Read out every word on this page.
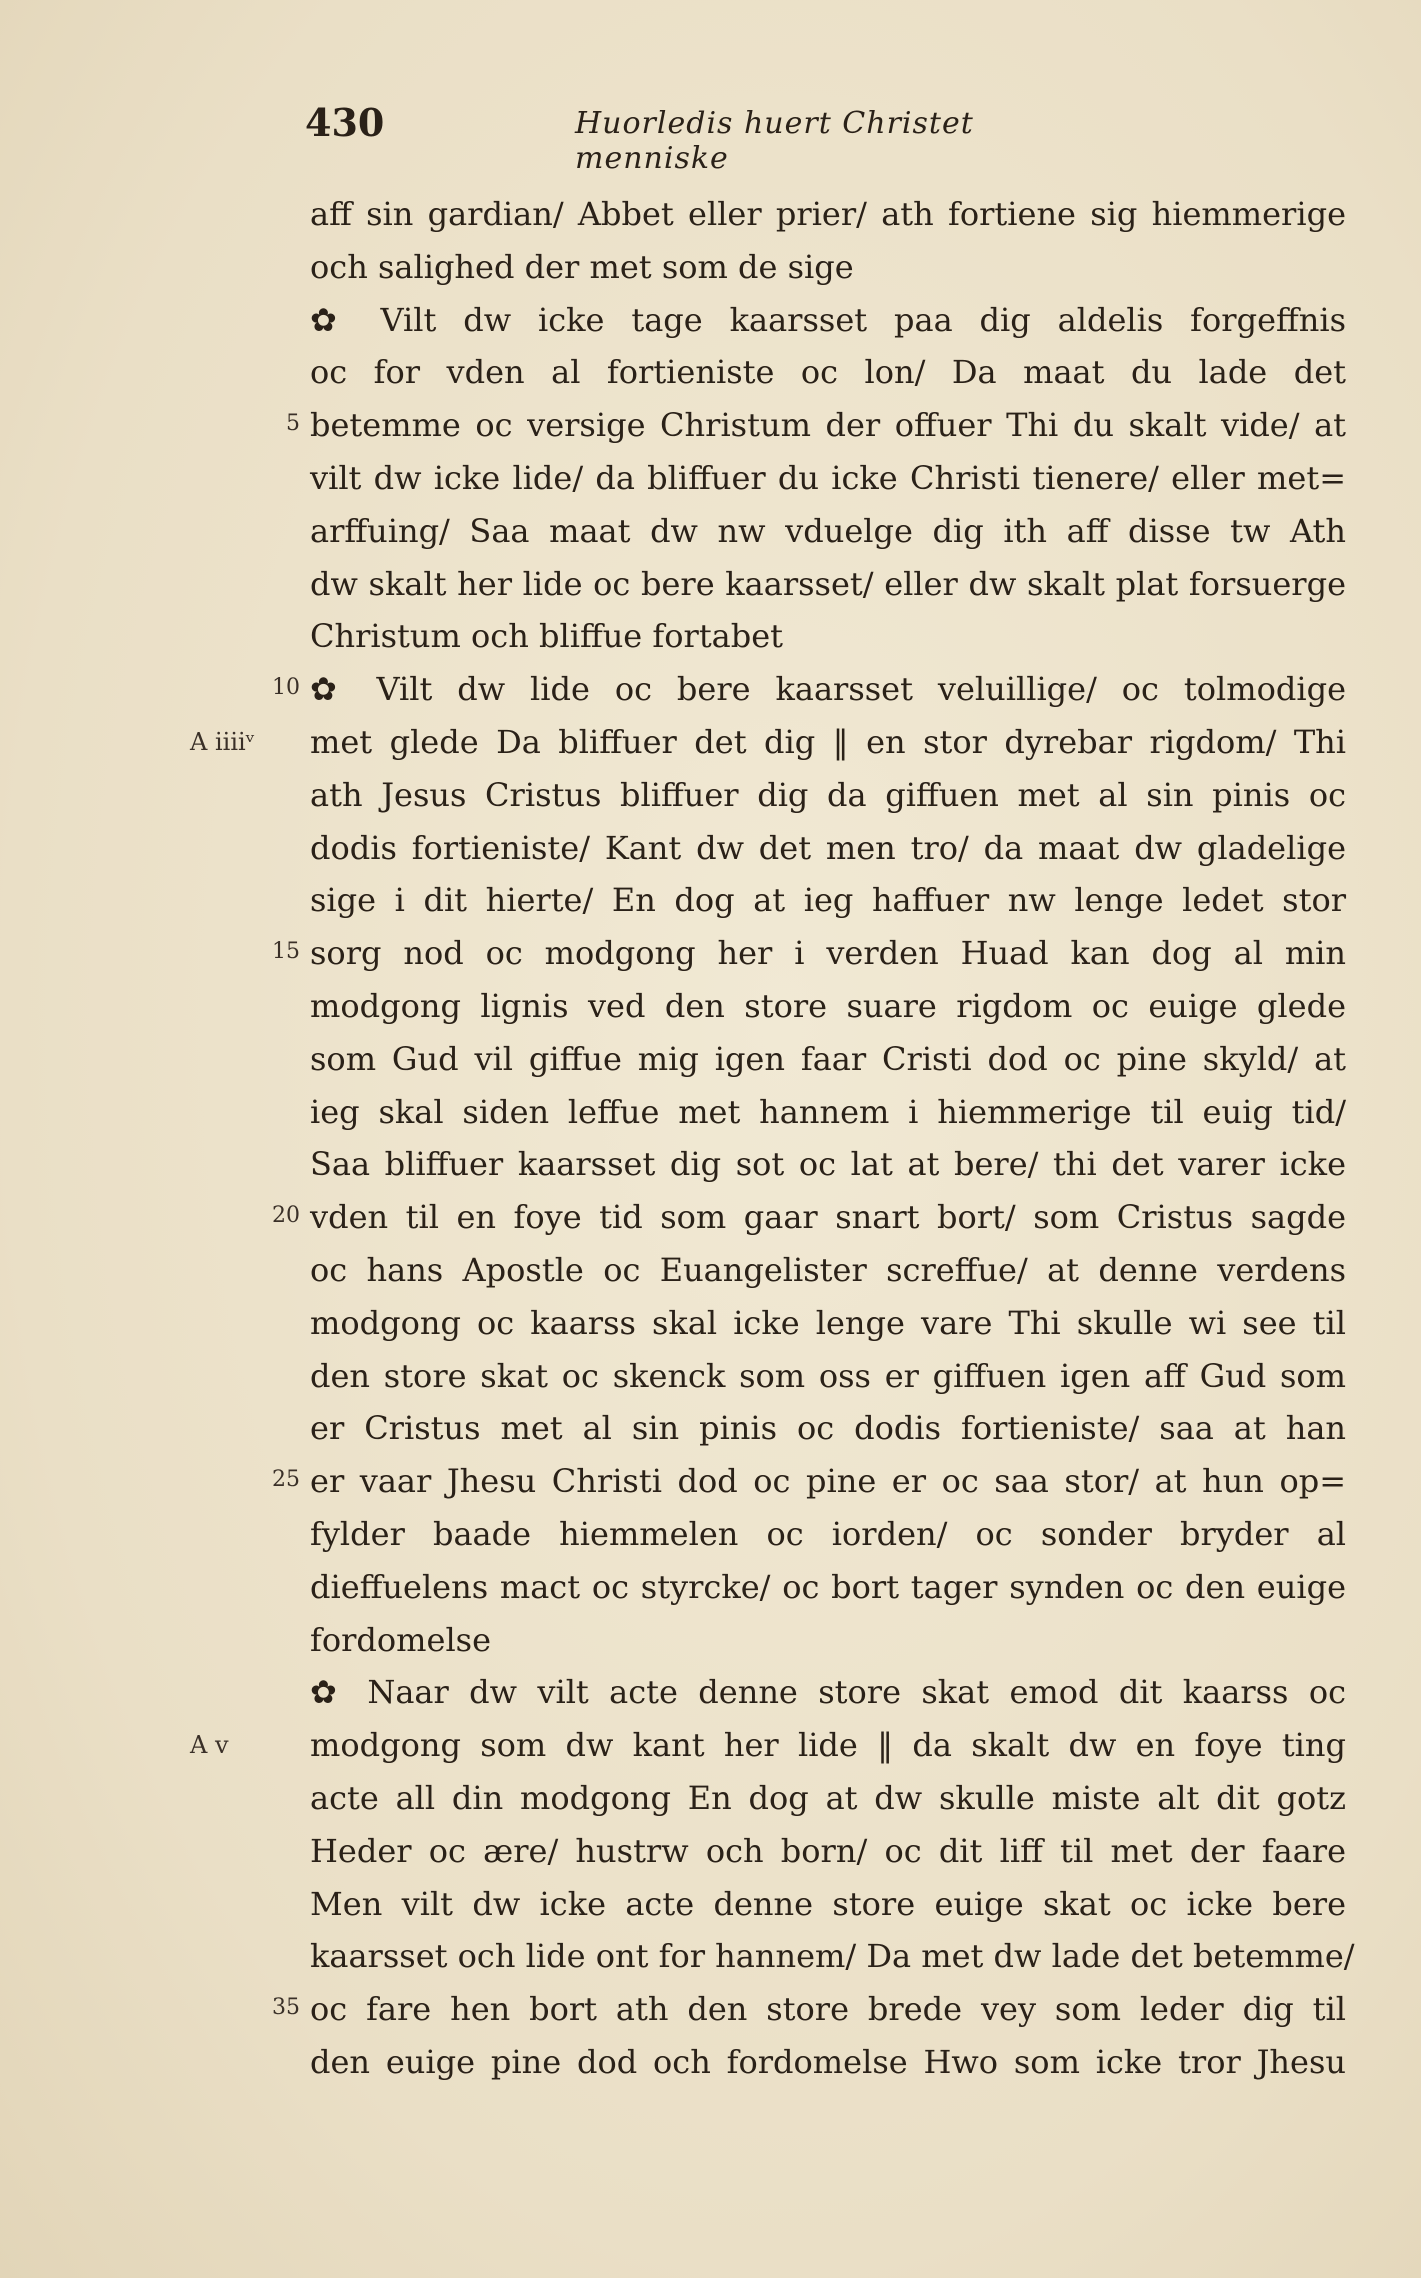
430	Huorledis huert Christet menniske
aff sin gardian/ Abbet eller prier/ ath fortiene sig hiemmerige
och salighed der met som de sige
✿ Vilt dw icke tage kaarsset paa dig aldelis forgeffnis
oc for vden al fortieniste oc lon/ Da maat du lade det
betemme oc versige Christum der offuer Thi du skalt vide/ at
5
vilt dw icke lide/ da bliffuer du icke Christi tienere/ eller met=
arffuing/ Saa maat dw nw vduelge dig ith aff disse tw Ath
dw skalt her lide oc bere kaarsset/ eller dw skalt plat forsuerge
Christum och bliffue fortabet
✿ Vilt dw lide oc bere kaarsset veluillige/ oc tolmodige
10
met glede Da bliffuer det dig ‖ en stor dyrebar rigdom/ Thi
A iiiiᵛ
ath Jesus Cristus bliffuer dig da giffuen met al sin pinis oc
dodis fortieniste/ Kant dw det men tro/ da maat dw gladelige
sige i dit hierte/ En dog at ieg haffuer nw lenge ledet stor
sorg nod oc modgong her i verden Huad kan dog al min
15
modgong lignis ved den store suare rigdom oc euige glede
som Gud vil giffue mig igen faar Cristi dod oc pine skyld/ at
ieg skal siden leffue met hannem i hiemmerige til euig tid/
Saa bliffuer kaarsset dig sot oc lat at bere/ thi det varer icke
vden til en foye tid som gaar snart bort/ som Cristus sagde
20
oc hans Apostle oc Euangelister screffue/ at denne verdens
modgong oc kaarss skal icke lenge vare Thi skulle wi see til
den store skat oc skenck som oss er giffuen igen aff Gud som
er Cristus met al sin pinis oc dodis fortieniste/ saa at han
er vaar Jhesu Christi dod oc pine er oc saa stor/ at hun op=
25
fylder baade hiemmelen oc iorden/ oc sonder bryder al
dieffuelens mact oc styrcke/ oc bort tager synden oc den euige
fordomelse
✿ Naar dw vilt acte denne store skat emod dit kaarss oc
modgong som dw kant her lide ‖ da skalt dw en foye ting
A v
acte all din modgong En dog at dw skulle miste alt dit gotz
Heder oc ære/ hustrw och born/ oc dit liff til met der faare
Men vilt dw icke acte denne store euige skat oc icke bere
kaarsset och lide ont for hannem/ Da met dw lade det betemme/
oc fare hen bort ath den store brede vey som leder dig til
35
den euige pine dod och fordomelse Hwo som icke tror Jhesu
